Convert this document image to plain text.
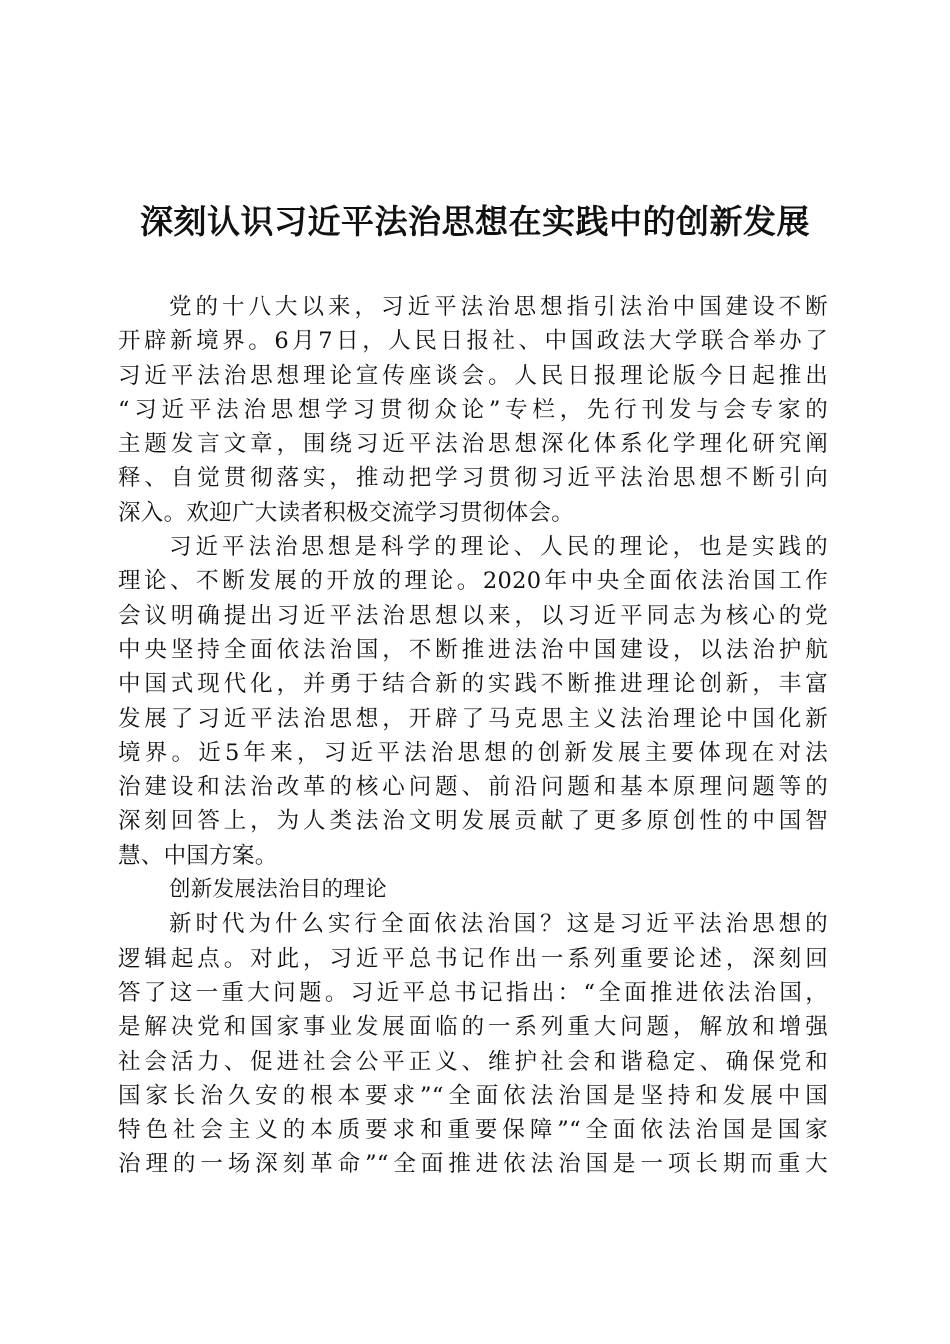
深刻认识习近平法治思想在实践中的创新发展
党的十八大以来，习近平法治思想指引法治中国建设不断
开辟新境界。6月7日，人民日报社、中国政法大学联合举办了
习近平法治思想理论宣传座谈会。人民日报理论版今日起推出
“习近平法治思想学习贯彻众论”专栏，先行刊发与会专家的
主题发言文章，围绕习近平法治思想深化体系化学理化研究阐
释、自觉贯彻落实，推动把学习贯彻习近平法治思想不断引向
深入。欢迎广大读者积极交流学习贯彻体会。
习近平法治思想是科学的理论、人民的理论，也是实践的
理论、不断发展的开放的理论。2020年中央全面依法治国工作
会议明确提出习近平法治思想以来，以习近平同志为核心的党
中央坚持全面依法治国，不断推进法治中国建设，以法治护航
中国式现代化，并勇于结合新的实践不断推进理论创新，丰富
发展了习近平法治思想，开辟了马克思主义法治理论中国化新
境界。近5年来，习近平法治思想的创新发展主要体现在对法
治建设和法治改革的核心问题、前沿问题和基本原理问题等的
深刻回答上，为人类法治文明发展贡献了更多原创性的中国智
慧、中国方案。
创新发展法治目的理论
新时代为什么实行全面依法治国？这是习近平法治思想的
逻辑起点。对此，习近平总书记作出一系列重要论述，深刻回
答了这一重大问题。习近平总书记指出：“全面推进依法治国，
是解决党和国家事业发展面临的一系列重大问题，解放和增强
社会活力、促进社会公平正义、维护社会和谐稳定、确保党和
国家长治久安的根本要求”“全面依法治国是坚持和发展中国
特色社会主义的本质要求和重要保障”“全面依法治国是国家
治理的一场深刻革命”“全面推进依法治国是一项长期而重大
